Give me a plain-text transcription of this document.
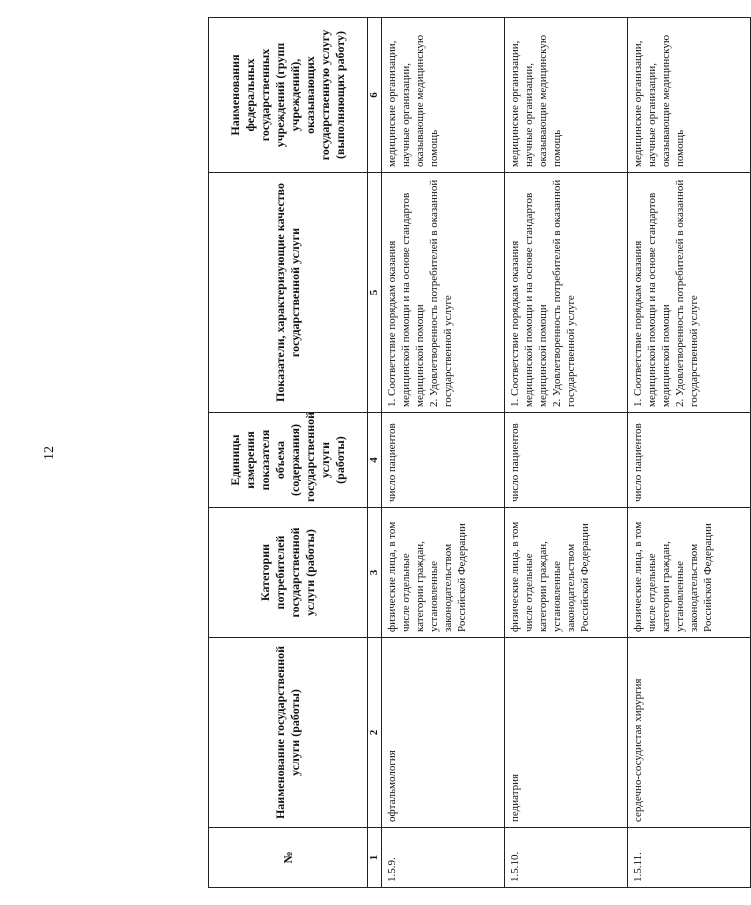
12
№	Наименование государственной услуги (работы)	Категории потребителей государственной услуги (работы)	Единицы измерения показателя объема (содержания) государственной услуги (работы)	Показатели, характеризующие качество государственной услуги	Наименования федеральных государственных учреждений (групп учреждений), оказывающих государственную услугу (выполняющих работу)
1	2	3	4	5	6
1.5.9.	офтальмология	физические лица, в том числе отдельные категории граждан, установленные законодательством Российской Федерации	число пациентов	1. Соответствие порядкам оказания медицинской помощи и на основе стандартов медицинской помощи 2. Удовлетворенность потребителей в оказанной государственной услуге	медицинские организации, научные организации, оказывающие медицинскую помощь
1.5.10.	педиатрия	физические лица, в том числе отдельные категории граждан, установленные законодательством Российской Федерации	число пациентов	1. Соответствие порядкам оказания медицинской помощи и на основе стандартов медицинской помощи 2. Удовлетворенность потребителей в оказанной государственной услуге	медицинские организации, научные организации, оказывающие медицинскую помощь
1.5.11.	сердечно-сосудистая хирургия	физические лица, в том числе отдельные категории граждан, установленные законодательством Российской Федерации	число пациентов	1. Соответствие порядкам оказания медицинской помощи и на основе стандартов медицинской помощи 2. Удовлетворенность потребителей в оказанной государственной услуге	медицинские организации, научные организации, оказывающие медицинскую помощь
